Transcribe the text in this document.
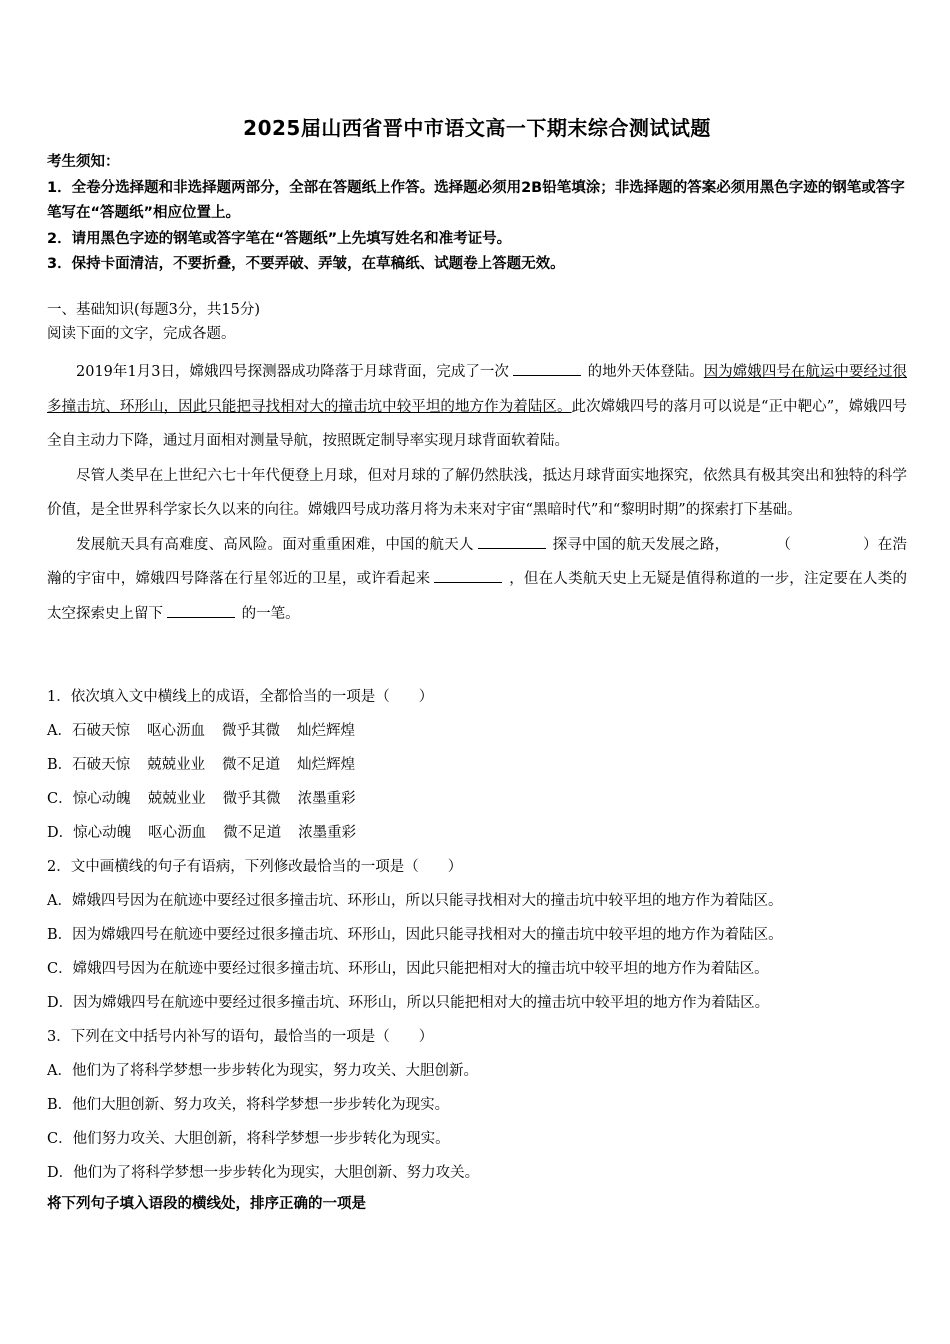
2025届山西省晋中市语文高一下期末综合测试试题
考生须知：
1．全卷分选择题和非选择题两部分，全部在答题纸上作答。选择题必须用2B铅笔填涂；非选择题的答案必须用黑色字迹的钢笔或答字笔写在“答题纸”相应位置上。
2．请用黑色字迹的钢笔或答字笔在“答题纸”上先填写姓名和准考证号。
3．保持卡面清洁，不要折叠，不要弄破、弄皱，在草稿纸、试题卷上答题无效。
一、基础知识(每题3分，共15分)
阅读下面的文字，完成各题。

2019年1月3日，嫦娥四号探测器成功降落于月球背面，完成了一次	的地外天体登陆。因为嫦娥四号在航运中要经过很多撞击坑、环形山，因此只能把寻找相对大的撞击坑中较平坦的地方作为着陆区。此次嫦娥四号的落月可以说是“正中靶心”，嫦娥四号全自主动力下降，通过月面相对测量导航，按照既定制导率实现月球背面软着陆。

尽管人类早在上世纪六七十年代便登上月球，但对月球的了解仍然肤浅，抵达月球背面实地探究，依然具有极其突出和独特的科学价值，是全世界科学家长久以来的向往。嫦娥四号成功落月将为未来对宇宙“黑暗时代”和“黎明时期”的探索打下基础。

发展航天具有高难度、高风险。面对重重困难，中国的航天人	探寻中国的航天发展之路，	（	）在浩瀚的宇宙中，嫦娥四号降落在行星邻近的卫星，或许看起来	，但在人类航天史上无疑是值得称道的一步，注定要在人类的太空探索史上留下	的一笔。

1．依次填入文中横线上的成语，全都恰当的一项是（　　）
A．石破天惊 呕心沥血 微乎其微 灿烂辉煌
B．石破天惊 兢兢业业 微不足道 灿烂辉煌
C．惊心动魄 兢兢业业 微乎其微 浓墨重彩
D．惊心动魄 呕心沥血 微不足道 浓墨重彩
2．文中画横线的句子有语病，下列修改最恰当的一项是（　　）
A．嫦娥四号因为在航迹中要经过很多撞击坑、环形山，所以只能寻找相对大的撞击坑中较平坦的地方作为着陆区。
B．因为嫦娥四号在航迹中要经过很多撞击坑、环形山，因此只能寻找相对大的撞击坑中较平坦的地方作为着陆区。
C．嫦娥四号因为在航迹中要经过很多撞击坑、环形山，因此只能把相对大的撞击坑中较平坦的地方作为着陆区。
D．因为嫦娥四号在航迹中要经过很多撞击坑、环形山，所以只能把相对大的撞击坑中较平坦的地方作为着陆区。
3．下列在文中括号内补写的语句，最恰当的一项是（　　）
A．他们为了将科学梦想一步步转化为现实，努力攻关、大胆创新。
B．他们大胆创新、努力攻关，将科学梦想一步步转化为现实。
C．他们努力攻关、大胆创新，将科学梦想一步步转化为现实。
D．他们为了将科学梦想一步步转化为现实，大胆创新、努力攻关。
将下列句子填入语段的横线处，排序正确的一项是
